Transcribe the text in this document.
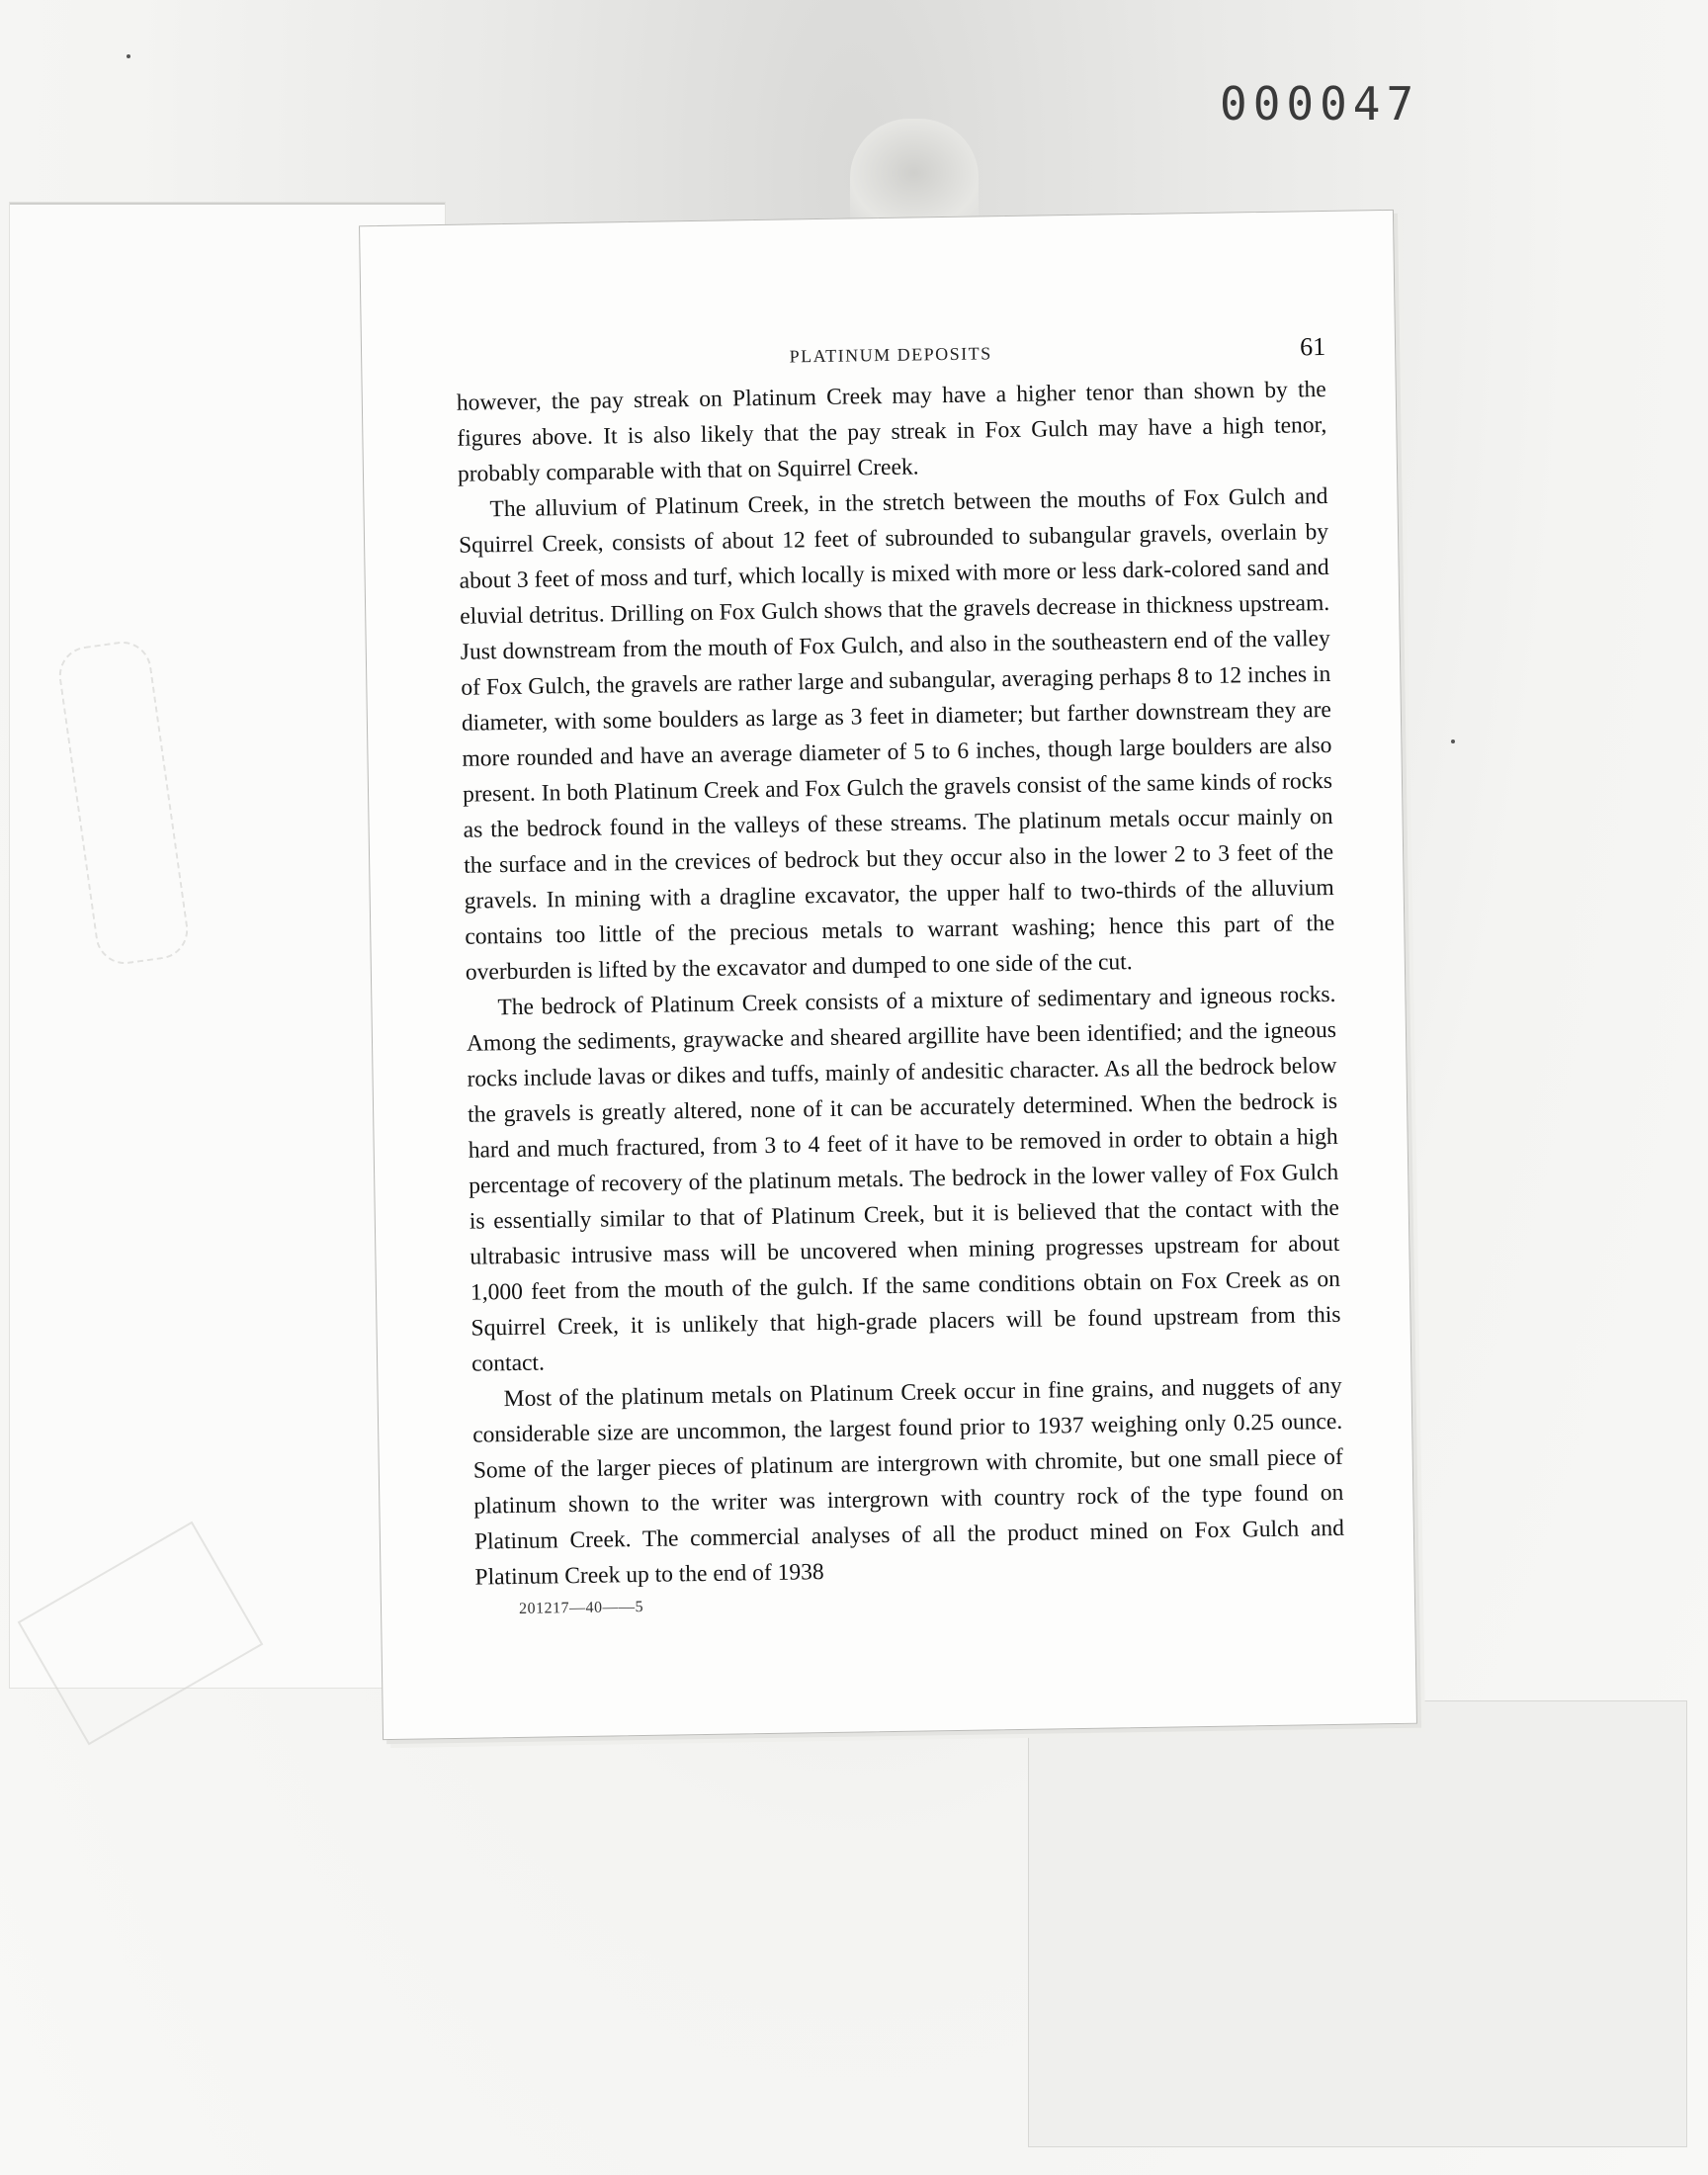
000047
PLATINUM DEPOSITS	61

however, the pay streak on Platinum Creek may have a higher tenor than shown by the figures above. It is also likely that the pay streak in Fox Gulch may have a high tenor, probably comparable with that on Squirrel Creek.

The alluvium of Platinum Creek, in the stretch between the mouths of Fox Gulch and Squirrel Creek, consists of about 12 feet of subrounded to subangular gravels, overlain by about 3 feet of moss and turf, which locally is mixed with more or less dark-colored sand and eluvial detritus. Drilling on Fox Gulch shows that the gravels decrease in thickness upstream. Just downstream from the mouth of Fox Gulch, and also in the southeastern end of the valley of Fox Gulch, the gravels are rather large and subangular, averaging perhaps 8 to 12 inches in diameter, with some boulders as large as 3 feet in diameter; but farther downstream they are more rounded and have an average diameter of 5 to 6 inches, though large boulders are also present. In both Platinum Creek and Fox Gulch the gravels consist of the same kinds of rocks as the bedrock found in the valleys of these streams. The platinum metals occur mainly on the surface and in the crevices of bedrock but they occur also in the lower 2 to 3 feet of the gravels. In mining with a dragline excavator, the upper half to two-thirds of the alluvium contains too little of the precious metals to warrant washing; hence this part of the overburden is lifted by the excavator and dumped to one side of the cut.

The bedrock of Platinum Creek consists of a mixture of sedimentary and igneous rocks. Among the sediments, graywacke and sheared argillite have been identified; and the igneous rocks include lavas or dikes and tuffs, mainly of andesitic character. As all the bedrock below the gravels is greatly altered, none of it can be accurately determined. When the bedrock is hard and much fractured, from 3 to 4 feet of it have to be removed in order to obtain a high percentage of recovery of the platinum metals. The bedrock in the lower valley of Fox Gulch is essentially similar to that of Platinum Creek, but it is believed that the contact with the ultrabasic intrusive mass will be uncovered when mining progresses upstream for about 1,000 feet from the mouth of the gulch. If the same conditions obtain on Fox Creek as on Squirrel Creek, it is unlikely that high-grade placers will be found upstream from this contact.

Most of the platinum metals on Platinum Creek occur in fine grains, and nuggets of any considerable size are uncommon, the largest found prior to 1937 weighing only 0.25 ounce. Some of the larger pieces of platinum are intergrown with chromite, but one small piece of platinum shown to the writer was intergrown with country rock of the type found on Platinum Creek. The commercial analyses of all the product mined on Fox Gulch and Platinum Creek up to the end of 1938

201217—40——5
